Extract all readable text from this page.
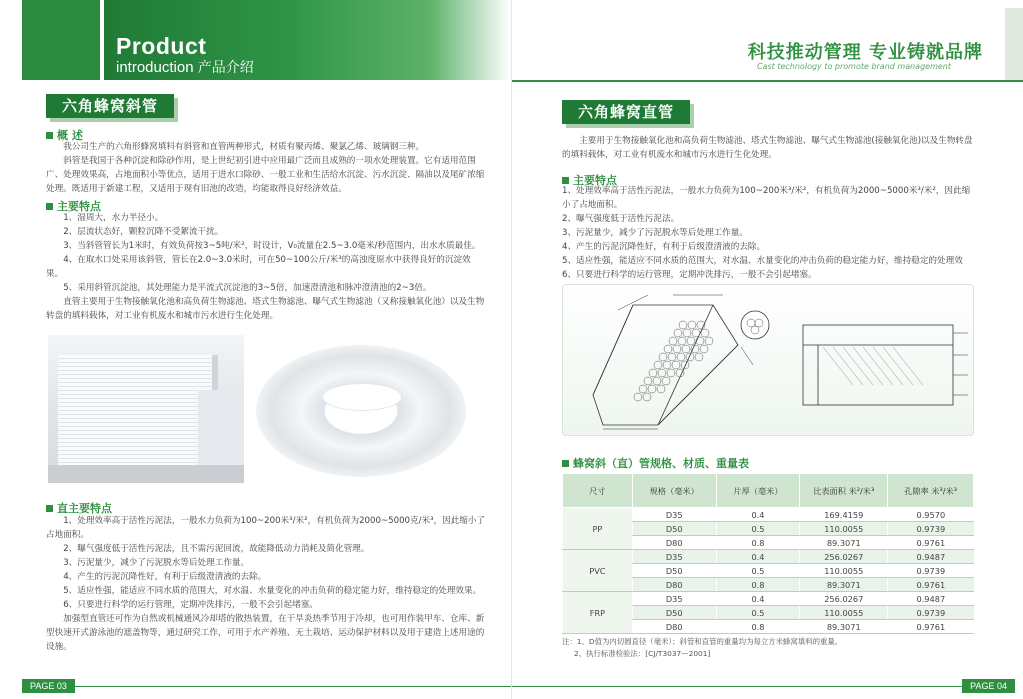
Product
introduction 产品介绍
六角蜂窝斜管
概 述
我公司生产的六角形蜂窝填料有斜管和直管两种形式，材质有聚丙烯、聚氯乙烯、玻璃钢三种。
斜管是我国于各种沉淀和除砂作用，是上世纪初引进中应用最广泛而且成熟的一项水处理装置。它有适用范围广、处理效果高，占地面积小等优点，适用于进水口除砂、一般工业和生活给水沉淀、污水沉淀、隔油以及尾矿浓缩处理。既适用于新建工程，又适用于现有旧池的改造，均能取得良好经济效益。
主要特点
1、湿周大，水力半径小。
2、层流状态好，颗粒沉降不受絮流干扰。
3、当斜管管长为1米时，有效负荷按3~5吨/米²，时设计，V₀流量在2.5~3.0毫米/秒范围内，出水水质最佳。
4、在取水口处采用该斜管，管长在2.0~3.0米时，可在50~100公斤/米³的高浊度原水中获得良好的沉淀效果。
5、采用斜管沉淀池，其处理能力是平流式沉淀池的3~5倍，加速澄清池和脉冲澄清池的2~3倍。
直管主要用于生物接触氧化池和高负荷生物滤池、塔式生物滤池、曝气式生物滤池（又称接触氧化池）以及生物转盘的填料载体，对工业有机废水和城市污水进行生化处理。
直主要特点
1、处理效率高于活性污泥法，一般水力负荷为100~200米³/米²，有机负荷为2000~5000克/米³，因此缩小了占地面积。
2、曝气强度低于活性污泥法，且不需污泥回流，故能降低动力消耗及简化管理。
3、污泥量少，减少了污泥脱水等后处理工作量。
4、产生的污泥沉降性好，有利于后级澄清液的去除。
5、适应性强，能适应不同水质的范围大，对水温、水量变化的冲击负荷的稳定能力好，维持稳定的处理效果。
6、只要进行科学的运行管理，定期冲洗排污，一般不会引起堵塞。
加强型直管还可作为自然或机械通风冷却塔的散热装置，在干旱炎热季节用于冷却，也可用作装甲车、仓库、新型快速开式游泳池的遮盖物等，通过研究工作，可用于水产养殖、无土栽培、运动保护材料以及用于建造上述用途的设施。
PAGE 03
科技推动管理 专业铸就品牌
Cast technology to promote brand management
六角蜂窝直管
主要用于生物接触氧化池和高负荷生物滤池、塔式生物滤池、曝气式生物滤池(接触氧化池)以及生物转盘的填料载体，对工业有机废水和城市污水进行生化处理。
主要特点
1、处理效率高于活性污泥法，一般水力负荷为100~200米³/米²，有机负荷为2000~5000米³/米²，因此缩小了占地面积。
2、曝气强度低于活性污泥法。
3、污泥量少，减少了污泥脱水等后处理工作量。
4、产生的污泥沉降性好，有利于后级澄清液的去除。
5、适应性强，能适应不同水质的范围大，对水温、水量变化的冲击负荷的稳定能力好，维持稳定的处理效
6、只要进行科学的运行管理，定期冲洗排污，一般不会引起堵塞。
蜂窝斜（直）管规格、材质、重量表
尺寸	规格（毫米）	片厚（毫米）	比表面积 米²/米³	孔隙率 米³/米³
PP	D35	0.4	169.4159	0.9570
	D50	0.5	110.0055	0.9739
	D80	0.8	89.3071	0.9761
PVC	D35	0.4	256.0267	0.9487
	D50	0.5	110.0055	0.9739
	D80	0.8	89.3071	0.9761
FRP	D35	0.4	256.0267	0.9487
	D50	0.5	110.0055	0.9739
	D80	0.8	89.3071	0.9761
注：1、D值为内切圆直径（毫米）；斜管和直管的重量均为每立方米蜂窝填料的重量。
2、执行标准检验法：[CJ/T3037—2001]
PAGE 04
